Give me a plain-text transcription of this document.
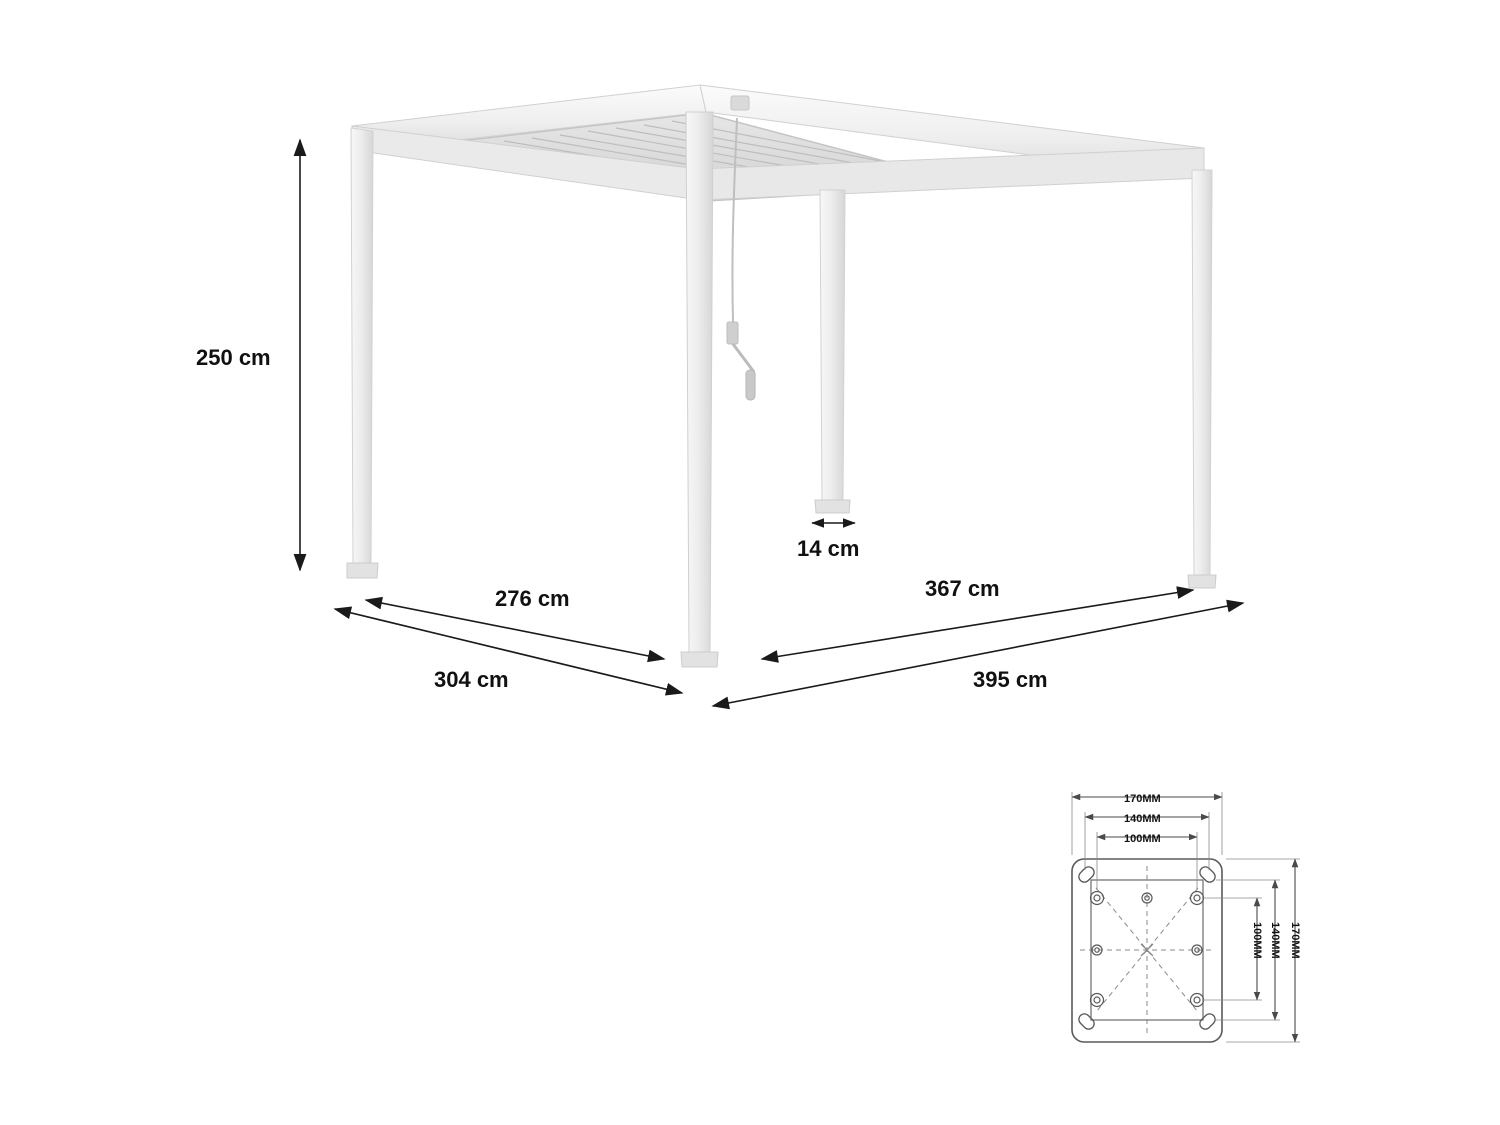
250 cm
14 cm
276 cm
304 cm
367 cm
395 cm
170MM
140MM
100MM
100MM 140MM 170MM
